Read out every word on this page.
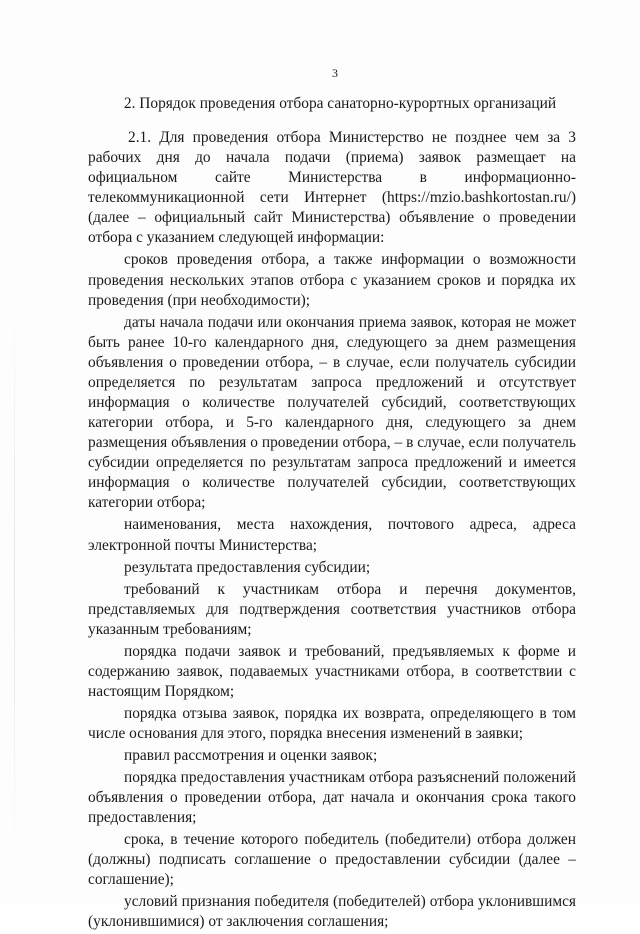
3
2. Порядок проведения отбора санаторно-курортных организаций

2.1. Для проведения отбора Министерство не позднее чем за 3 рабочих дня до начала подачи (приема) заявок размещает на официальном сайте Министерства в информационно-телекоммуникационной сети Интернет (https://mzio.bashkortostan.ru/) (далее – официальный сайт Министерства) объявление о проведении отбора с указанием следующей информации:

сроков проведения отбора, а также информации о возможности проведения нескольких этапов отбора с указанием сроков и порядка их проведения (при необходимости);

даты начала подачи или окончания приема заявок, которая не может быть ранее 10-го календарного дня, следующего за днем размещения объявления о проведении отбора, – в случае, если получатель субсидии определяется по результатам запроса предложений и отсутствует информация о количестве получателей субсидий, соответствующих категории отбора, и 5-го календарного дня, следующего за днем размещения объявления о проведении отбора, – в случае, если получатель субсидии определяется по результатам запроса предложений и имеется информация о количестве получателей субсидии, соответствующих категории отбора;

наименования, места нахождения, почтового адреса, адреса электронной почты Министерства;

результата предоставления субсидии;

требований к участникам отбора и перечня документов, представляемых для подтверждения соответствия участников отбора указанным требованиям;

порядка подачи заявок и требований, предъявляемых к форме и содержанию заявок, подаваемых участниками отбора, в соответствии с настоящим Порядком;

порядка отзыва заявок, порядка их возврата, определяющего в том числе основания для этого, порядка внесения изменений в заявки;

правил рассмотрения и оценки заявок;

порядка предоставления участникам отбора разъяснений положений объявления о проведении отбора, дат начала и окончания срока такого предоставления;

срока, в течение которого победитель (победители) отбора должен (должны) подписать соглашение о предоставлении субсидии (далее – соглашение);

условий признания победителя (победителей) отбора уклонившимся (уклонившимися) от заключения соглашения;
